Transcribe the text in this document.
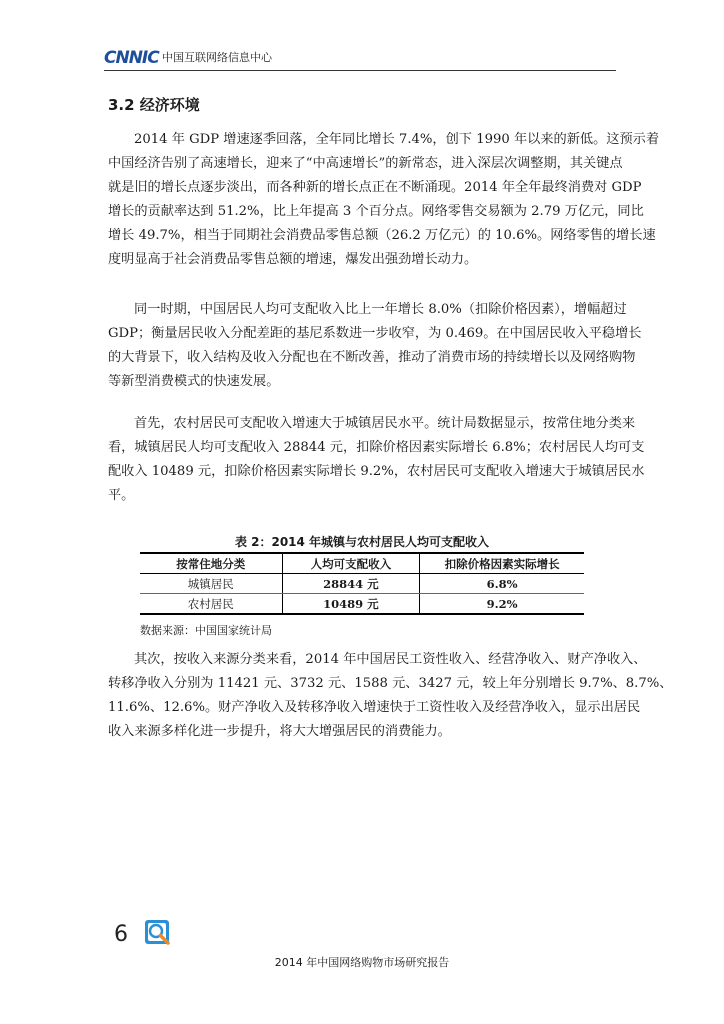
CNNIC 中国互联网络信息中心
3.2 经济环境

2014 年 GDP 增速逐季回落，全年同比增长 7.4%，创下 1990 年以来的新低。这预示着
中国经济告别了高速增长，迎来了“中高速增长”的新常态，进入深层次调整期，其关键点
就是旧的增长点逐步淡出，而各种新的增长点正在不断涌现。2014 年全年最终消费对 GDP
增长的贡献率达到 51.2%，比上年提高 3 个百分点。网络零售交易额为 2.79 万亿元，同比
增长 49.7%，相当于同期社会消费品零售总额（26.2 万亿元）的 10.6%。网络零售的增长速
度明显高于社会消费品零售总额的增速，爆发出强劲增长动力。

同一时期，中国居民人均可支配收入比上一年增长 8.0%（扣除价格因素），增幅超过
GDP；衡量居民收入分配差距的基尼系数进一步收窄，为 0.469。在中国居民收入平稳增长
的大背景下，收入结构及收入分配也在不断改善，推动了消费市场的持续增长以及网络购物
等新型消费模式的快速发展。

首先，农村居民可支配收入增速大于城镇居民水平。统计局数据显示，按常住地分类来
看，城镇居民人均可支配收入 28844 元，扣除价格因素实际增长 6.8%；农村居民人均可支
配收入 10489 元，扣除价格因素实际增长 9.2%，农村居民可支配收入增速大于城镇居民水
平。

表 2：2014 年城镇与农村居民人均可支配收入
按常住地分类	人均可支配收入	扣除价格因素实际增长
城镇居民	28844 元	6.8%
农村居民	10489 元	9.2%
数据来源：中国国家统计局

其次，按收入来源分类来看，2014 年中国居民工资性收入、经营净收入、财产净收入、
转移净收入分别为 11421 元、3732 元、1588 元、3427 元，较上年分别增长 9.7%、8.7%、
11.6%、12.6%。财产净收入及转移净收入增速快于工资性收入及经营净收入，显示出居民
收入来源多样化进一步提升，将大大增强居民的消费能力。

6
2014 年中国网络购物市场研究报告
